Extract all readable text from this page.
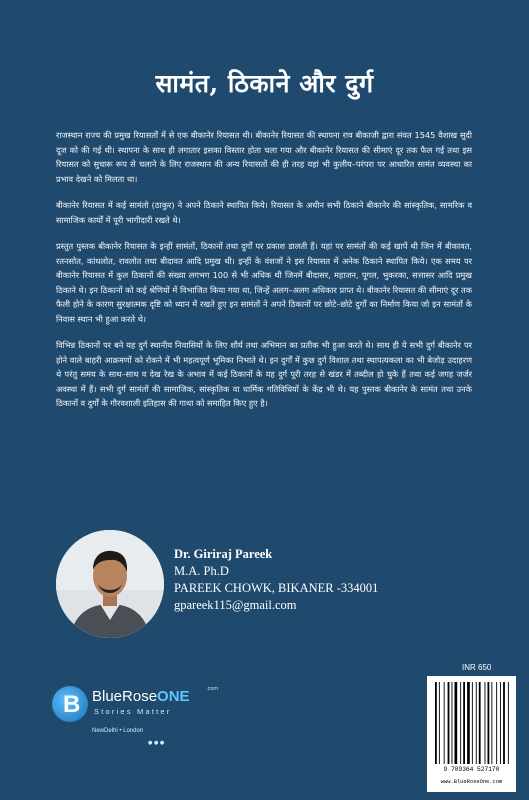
सामंत, ठिकाने और दुर्ग

राजस्थान राज्य की प्रमुख रियासतों में से एक बीकानेर रियासत थी। बीकानेर रियासत की स्थापना राव बीकाजी द्वारा संवत 1545 वैशाख सुदी दूज को की गई थी। स्थापना के साथ ही लगातार इसका विस्तार होता चला गया और बीकानेर रियासत की सीमाएं दूर तक फैल गई तथा इस रियासत को सुचारू रूप से चलाने के लिए राजस्थान की अन्य रियासतों की ही तरह यहां भी कुलीय–परंपरा पर आधारित सामंत व्यवस्था का प्रभाव देखने को मिलता था।

बीकानेर रियासत में कई सामंतो (ठाकुर) ने अपने ठिकाने स्थापित किये। रियासत के अधीन सभी ठिकाने बीकानेर की सांस्कृतिक, सामरिक व सामाजिक कार्यों में पूरी भागीदारी रखते थे।

प्रस्तुत पुस्तक बीकानेर रियासत के इन्हीं सामंतों, ठिकानों तथा दुर्गों पर प्रकाश डालती हैं। यहां पर सामंतों की कई खापें थी जिन में बीकावत, रतनसोत, कांधलोत, रावलोत तथा बीदावत आदि प्रमुख थी। इन्हीं के वंशजों ने इस रियासत में अनेक ठिकाने स्थापित किये। एक समय पर बीकानेर रियासत में कुल ठिकानों की संख्या लगभग 100 से भी अधिक थी जिनमें बीदासर, महाजन, पूगल, भुकरका, सत्तासर आदि प्रमुख ठिकाने थे। इन ठिकानों को कई श्रेणियों में विभाजित किया गया था, जिन्हें अलग–अलग अधिकार प्राप्त थे। बीकानेर रियासत की सीमाएं दूर तक फैली होने के कारण सुरक्षात्मक दृष्टि को ध्यान में रखते हुए इन सामंतों ने अपने ठिकानों पर छोटे–छोटे दुर्गों का निर्माण किया जो इन सामंतों के निवास स्थान भी हुआ करते थे।

विभिन्न ठिकानों पर बने यह दुर्ग स्थानीय निवासियों के लिए शौर्य तथा अभिमान का प्रतीक भी हुआ करते थे। साथ ही ये सभी दुर्ग बीकानेर पर होने वाले बाहरी आक्रमणों को रोकने में भी महत्वपूर्ण भूमिका निभाते थे। इन दुर्गों में कुछ दुर्ग विशाल तथा स्थापत्यकला का भी बेजोड़ उदाहरण थे परंतु समय के साथ–साथ व देख रेख के अभाव में कई ठिकानों के यह दुर्ग पूरी तरह से खंडर में तब्दील हो चुके हैं तथा कई जगह जर्जर अवस्था में हैं। सभी दुर्ग सामंतों की सामाजिक, सांस्कृतिक वा धार्मिक गतिविधियों के केंद्र भी थे। यह पुस्तक बीकानेर के सामंत तथा उनके ठिकानों व दुर्गों के गौरवशाली इतिहास की गाथा को समाहित किए हुए है।

Dr. Giriraj Pareek
M.A. Ph.D
PAREEK CHOWK, BIKANER -334001
gpareek115@gmail.com
B BlueRoseONE	.com
Stories Matter
NewDelhi • London
● ● ●
INR 650
9 789364 527170
www.BlueRoseOne.com
